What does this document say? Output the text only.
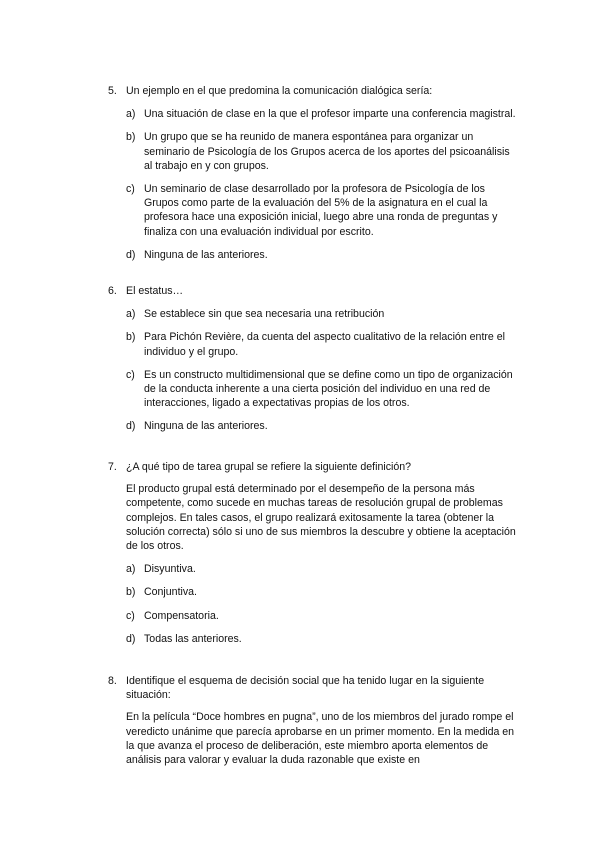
5. Un ejemplo en el que predomina la comunicación dialógica sería:
a) Una situación de clase en la que el profesor imparte una conferencia magistral.
b) Un grupo que se ha reunido de manera espontánea para organizar un seminario de Psicología de los Grupos acerca de los aportes del psicoanálisis al trabajo en y con grupos.
c) Un seminario de clase desarrollado por la profesora de Psicología de los Grupos como parte de la evaluación del 5% de la asignatura en el cual la profesora hace una exposición inicial, luego abre una ronda de preguntas y finaliza con una evaluación individual por escrito.
d) Ninguna de las anteriores.
6. El estatus…
a) Se establece sin que sea necesaria una retribución
b) Para Pichón Revière, da cuenta del aspecto cualitativo de la relación entre el individuo y el grupo.
c) Es un constructo multidimensional que se define como un tipo de organización de la conducta inherente a una cierta posición del individuo en una red de interacciones, ligado a expectativas propias de los otros.
d) Ninguna de las anteriores.
7. ¿A qué tipo de tarea grupal se refiere la siguiente definición?
El producto grupal está determinado por el desempeño de la persona más competente, como sucede en muchas tareas de resolución grupal de problemas complejos. En tales casos, el grupo realizará exitosamente la tarea (obtener la solución correcta) sólo si uno de sus miembros la descubre y obtiene la aceptación de los otros.
a) Disyuntiva.
b) Conjuntiva.
c) Compensatoria.
d) Todas las anteriores.
8. Identifique el esquema de decisión social que ha tenido lugar en la siguiente situación:
En la película “Doce hombres en pugna”, uno de los miembros del jurado rompe el veredicto unánime que parecía aprobarse en un primer momento. En la medida en la que avanza el proceso de deliberación, este miembro aporta elementos de análisis para valorar y evaluar la duda razonable que existe en
